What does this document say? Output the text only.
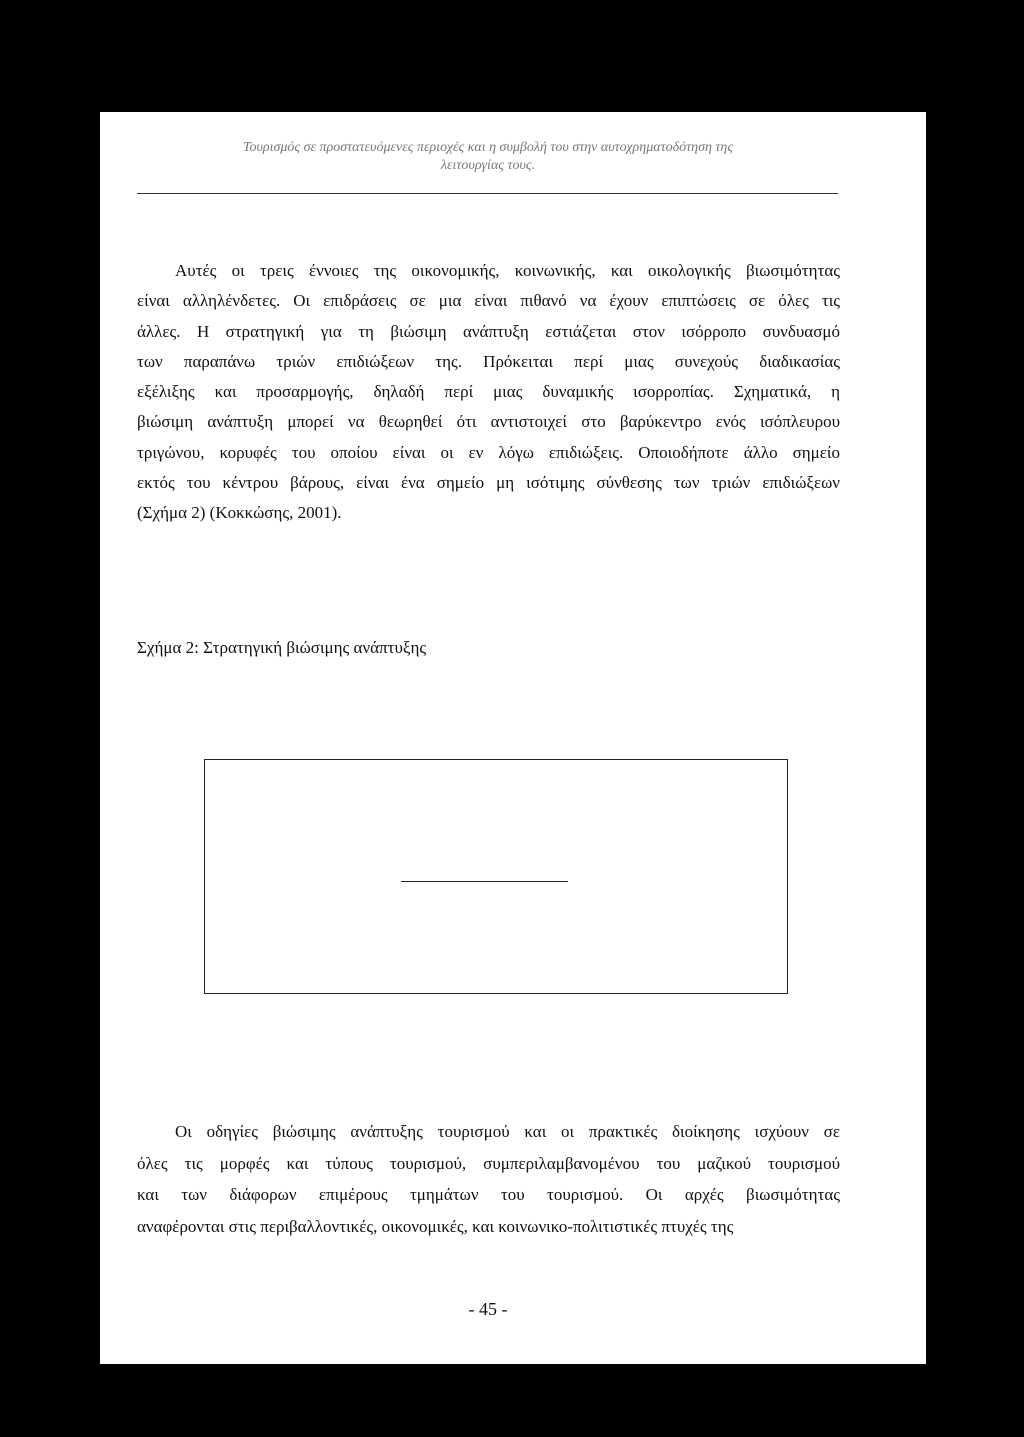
Τουρισμός σε προστατευόμενες περιοχές και η συμβολή του στην αυτοχρηματοδότηση της
λειτουργίας τους.
Αυτές οι τρεις έννοιες της οικονομικής, κοινωνικής, και οικολογικής βιωσιμότητας
είναι αλληλένδετες. Οι επιδράσεις σε μια είναι πιθανό να έχουν επιπτώσεις σε όλες τις
άλλες. Η στρατηγική για τη βιώσιμη ανάπτυξη εστιάζεται στον ισόρροπο συνδυασμό
των παραπάνω τριών επιδιώξεων της. Πρόκειται περί μιας συνεχούς διαδικασίας
εξέλιξης και προσαρμογής, δηλαδή περί μιας δυναμικής ισορροπίας. Σχηματικά, η
βιώσιμη ανάπτυξη μπορεί να θεωρηθεί ότι αντιστοιχεί στο βαρύκεντρο ενός ισόπλευρου
τριγώνου, κορυφές του οποίου είναι οι εν λόγω επιδιώξεις. Οποιοδήποτε άλλο σημείο
εκτός του κέντρου βάρους, είναι ένα σημείο μη ισότιμης σύνθεσης των τριών επιδιώξεων
(Σχήμα 2) (Κοκκώσης, 2001).
Σχήμα 2: Στρατηγική βιώσιμης ανάπτυξης
Οι οδηγίες βιώσιμης ανάπτυξης τουρισμού και οι πρακτικές διοίκησης ισχύουν σε
όλες τις μορφές και τύπους τουρισμού, συμπεριλαμβανομένου του μαζικού τουρισμού
και των διάφορων επιμέρους τμημάτων του τουρισμού. Οι αρχές βιωσιμότητας
αναφέρονται στις περιβαλλοντικές, οικονομικές, και κοινωνικο-πολιτιστικές πτυχές της
- 45 -
